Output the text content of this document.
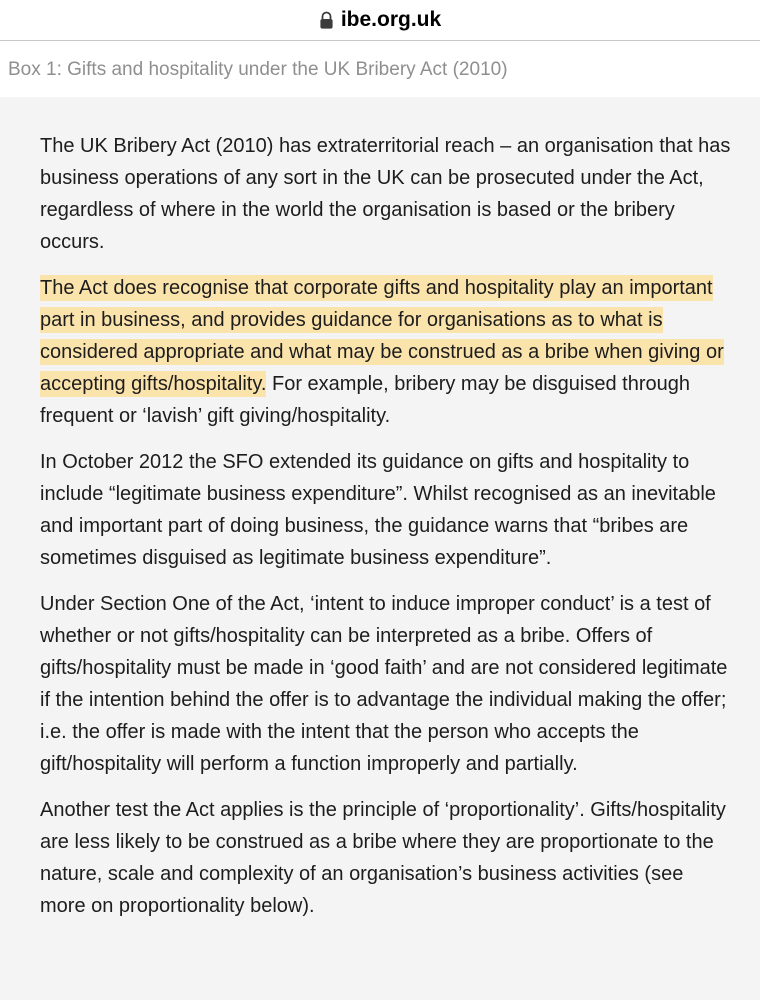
ibe.org.uk
Box 1: Gifts and hospitality under the UK Bribery Act (2010)

The UK Bribery Act (2010) has extraterritorial reach – an organisation that has business operations of any sort in the UK can be prosecuted under the Act, regardless of where in the world the organisation is based or the bribery occurs.

The Act does recognise that corporate gifts and hospitality play an important part in business, and provides guidance for organisations as to what is considered appropriate and what may be construed as a bribe when giving or accepting gifts/hospitality. For example, bribery may be disguised through frequent or ‘lavish’ gift giving/hospitality.

In October 2012 the SFO extended its guidance on gifts and hospitality to include “legitimate business expenditure”. Whilst recognised as an inevitable and important part of doing business, the guidance warns that “bribes are sometimes disguised as legitimate business expenditure”.

Under Section One of the Act, ‘intent to induce improper conduct’ is a test of whether or not gifts/hospitality can be interpreted as a bribe. Offers of gifts/hospitality must be made in ‘good faith’ and are not considered legitimate if the intention behind the offer is to advantage the individual making the offer; i.e. the offer is made with the intent that the person who accepts the gift/hospitality will perform a function improperly and partially.

Another test the Act applies is the principle of ‘proportionality’. Gifts/hospitality are less likely to be construed as a bribe where they are proportionate to the nature, scale and complexity of an organisation’s business activities (see more on proportionality below).
